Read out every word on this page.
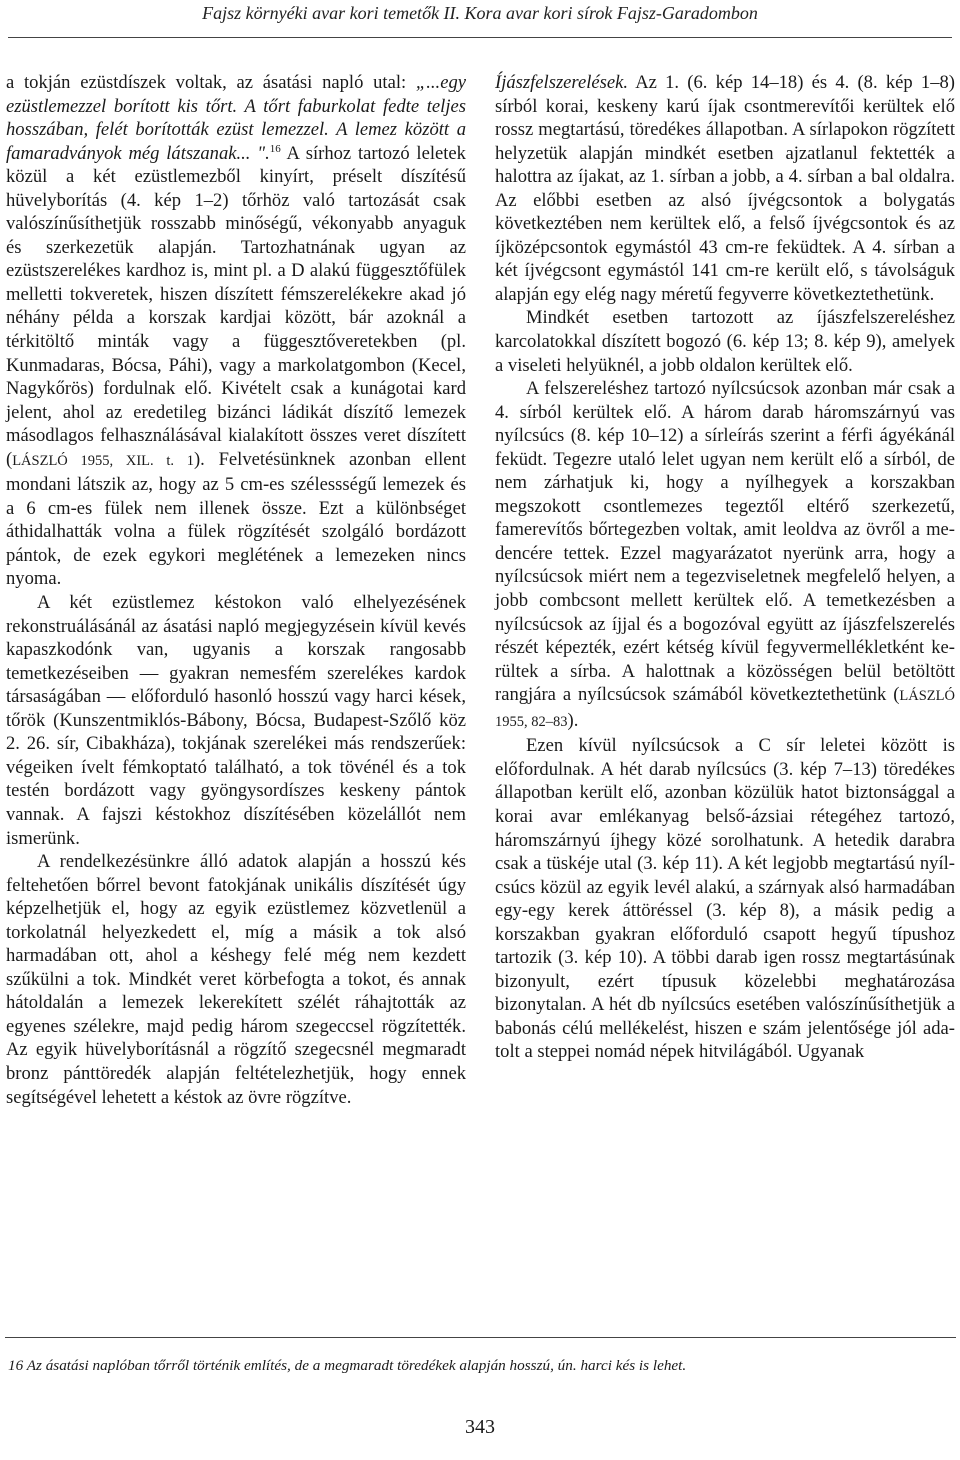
Fajsz környéki avar kori temetők II. Kora avar kori sírok Fajsz-Garadombon

a tokján ezüstdíszek voltak, az ásatási napló utal: „...egy ezüstlemezzel borított kis tőrt. A tőrt faburkolat fedte teljes hosszában, felét borították ezüst lemezzel. A lemez között a famaradványok még látszanak... ".$^{16}$ A sírhoz tartozó leletek közül a két ezüstlemezből kinyírt, préselt díszítésű hüvelyborítás (4. kép 1–2) tőrhöz való tartozását csak valószínűsíthetjük rosszabb minőségű, vékonyabb anyaguk és szerkezetük alapján. Tartozhatnának ugyan az ezüstszerelékes kardhoz is, mint pl. a D alakú függesztőfülek melletti tokveretek, hiszen díszített fémszerelékekre akad jó néhány példa a korszak kardjai között, bár azoknál a térkitöltő minták vagy a függesztőveretekben (pl. Kunmadaras, Bócsa, Páhi), vagy a markolatgombon (Kecel, Nagykőrös) fordulnak elő. Kivételt csak a kunágotai kard jelent, ahol az eredetileg bizánci ládikát díszítő lemezek másodlagos felhasználásával kialakított összes veret díszített (LÁSZLÓ 1955, XIL. t. 1). Felvetésünknek azonban ellent mondani látszik az, hogy az 5 cm-es szélessségű lemezek és a 6 cm-es fülek nem illenek össze. Ezt a különbséget áthidalhatták volna a fülek rögzítését szolgáló bordázott pántok, de ezek egykori meglétének a lemezeken nincs nyoma.

A két ezüstlemez késtokon való elhelyezésének rekonstruálásánál az ásatási napló megjegyzésein kívül kevés kapaszkodónk van, ugyanis a korszak rangosabb temetkezéseiben — gyakran nemesfém szerelékes kardok társaságában — előforduló hasonló hosszú vagy harci kések, tőrök (Kunszentmiklós-Bábony, Bócsa, Budapest-Szőlő köz 2. 26. sír, Cibakháza), tokjának szerelékei más rendszerűek: végeiken ívelt fémkoptató található, a tok tövénél és a tok testén bordázott vagy gyöngysordíszes keskeny pántok vannak. A fajszi késtokhoz díszítésében közelállót nem ismerünk.

A rendelkezésünkre álló adatok alapján a hosszú kés feltehetően bőrrel bevont fatokjának unikális díszítését úgy képzelhetjük el, hogy az egyik ezüstlemez közvetlenül a torkolatnál helyezkedett el, míg a másik a tok alsó harmadában ott, ahol a késhegy felé még nem kezdett szűkülni a tok. Mindkét veret körbefogta a tokot, és annak hátoldalán a lemezek lekerekített szélét ráhajtották az egyenes szélekre, majd pedig három szegeccsel rögzítették. Az egyik hüvelyborításnál a rögzítő szegecsnél megmaradt bronz pánttöredék alapján feltételezhetjük, hogy ennek segítségével lehetett a késtok az övre rögzítve.

Íjászfelszerelések. Az 1. (6. kép 14–18) és 4. (8. kép 1–8) sírból korai, keskeny karú íjak csontmerevítői kerültek elő rossz megtartású, töredékes állapotban. A sírlapokon rögzített helyzetük alapján mindkét esetben ajzatlanul fektették a halottra az íjakat, az 1. sírban a jobb, a 4. sírban a bal oldalra. Az előbbi esetben az alsó íjvégcsontok a bolygatás következtében nem kerültek elő, a felső íjvégcsontok és az íjközépcsontok egymástól 43 cm-re feküdtek. A 4. sírban a két íjvégcsont egymástól 141 cm-re került elő, s távolságuk alapján egy elég nagy méretű fegyverre következtethetünk.

Mindkét esetben tartozott az íjászfelszereléshez karcolatokkal díszített bogozó (6. kép 13; 8. kép 9), amelyek a viseleti helyüknél, a jobb oldalon kerültek elő.

A felszereléshez tartozó nyílcsúcsok azonban már csak a 4. sírból kerültek elő. A három darab háromszárnyú vas nyílcsúcs (8. kép 10–12) a sírleírás szerint a férfi ágyékánál feküdt. Tegezre utaló lelet ugyan nem került elő a sírból, de nem zárhatjuk ki, hogy a nyílhegyek a korszakban megszokott csontlemezes tegeztől eltérő szerkezetű, famerevítős bőrtegezben voltak, amit leoldva az övről a medencére tettek. Ezzel magyarázatot nyerünk arra, hogy a nyílcsúcsok miért nem a tegezviseletnek megfelelő helyen, a jobb combcsont mellett kerültek elő. A temetkezésben a nyílcsúcsok az íjjal és a bogozóval együtt az íjászfelszerelés részét képezték, ezért kétség kívül fegyvermellékletként kerültek a sírba. A halottnak a közösségen belül betöltött rangjára a nyílcsúcsok számából következtethetünk (LÁSZLÓ 1955, 82–83).

Ezen kívül nyílcsúcsok a C sír leletei között is előfordulnak. A hét darab nyílcsúcs (3. kép 7–13) töredékes állapotban került elő, azonban közülük hatot biztonsággal a korai avar emlékanyag belső-ázsiai rétegéhez tartozó, háromszárnyú íjhegy közé sorolhatunk. A hetedik darabra csak a tüskéje utal (3. kép 11). A két legjobb megtartású nyílcsúcs közül az egyik levél alakú, a szárnyak alsó harmadában egy-egy kerek áttöréssel (3. kép 8), a másik pedig a korszakban gyakran előforduló csapott hegyű típushoz tartozik (3. kép 10). A többi darab igen rossz megtartásúnak bizonyult, ezért típusuk közelebbi meghatározása bizonytalan. A hét db nyílcsúcs esetében valószínűsíthetjük a babonás célú mellékelést, hiszen e szám jelentősége jól adatolt a steppei nomád népek hitvilágából. Ugyanak

16 Az ásatási naplóban tőrről történik említés, de a megmaradt töredékek alapján hosszú, ún. harci kés is lehet.
343
